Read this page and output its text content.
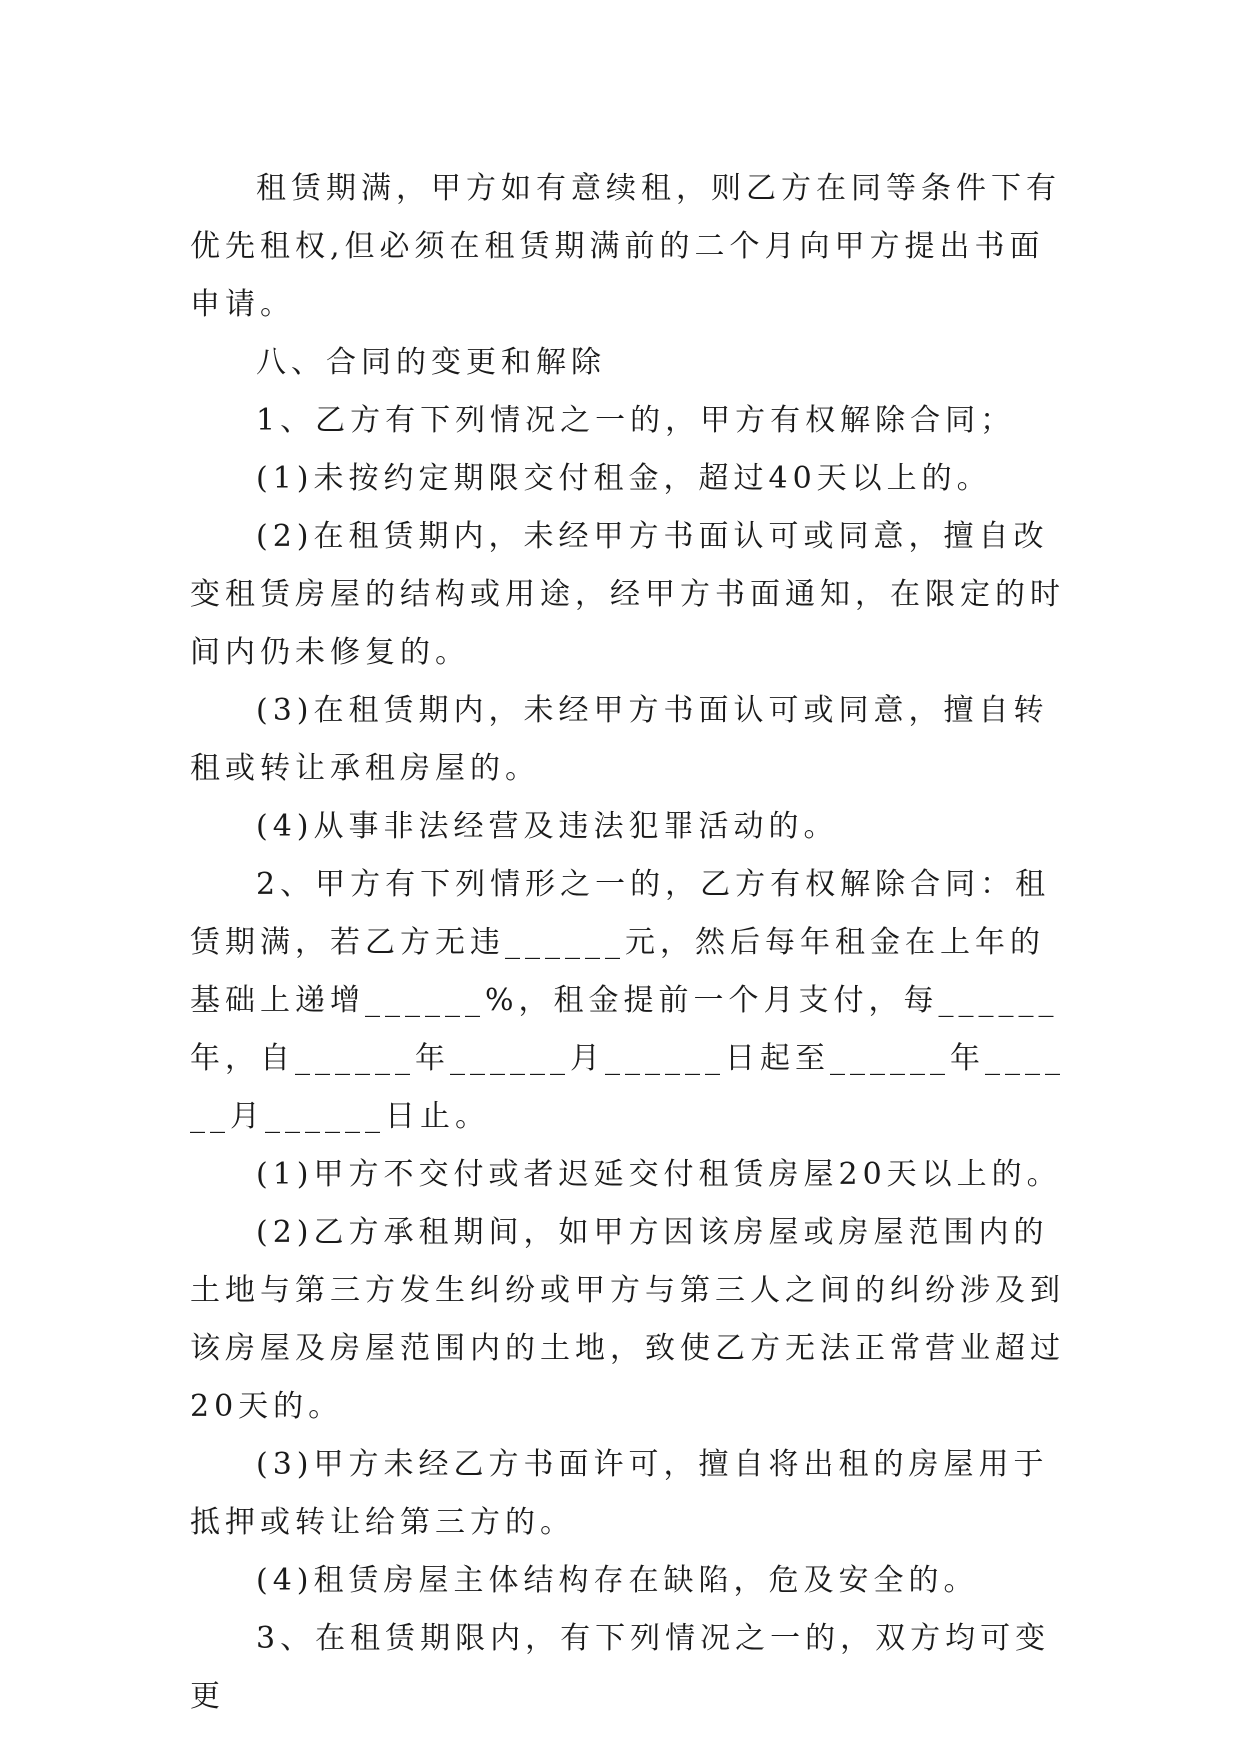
租赁期满，甲方如有意续租，则乙方在同等条件下有优先租权,但必须在租赁期满前的二个月向甲方提出书面申请。

八、合同的变更和解除

1、乙方有下列情况之一的，甲方有权解除合同；

(1)未按约定期限交付租金，超过40天以上的。

(2)在租赁期内，未经甲方书面认可或同意，擅自改变租赁房屋的结构或用途，经甲方书面通知，在限定的时间内仍未修复的。

(3)在租赁期内，未经甲方书面认可或同意，擅自转租或转让承租房屋的。

(4)从事非法经营及违法犯罪活动的。

2、甲方有下列情形之一的，乙方有权解除合同：租赁期满，若乙方无违______元，然后每年租金在上年的基础上递增______%，租金提前一个月支付，每______年，自______年______月______日起至______年______月______日止。

(1)甲方不交付或者迟延交付租赁房屋20天以上的。

(2)乙方承租期间，如甲方因该房屋或房屋范围内的土地与第三方发生纠纷或甲方与第三人之间的纠纷涉及到该房屋及房屋范围内的土地，致使乙方无法正常营业超过20天的。

(3)甲方未经乙方书面许可，擅自将出租的房屋用于抵押或转让给第三方的。

(4)租赁房屋主体结构存在缺陷，危及安全的。

3、在租赁期限内，有下列情况之一的，双方均可变更
